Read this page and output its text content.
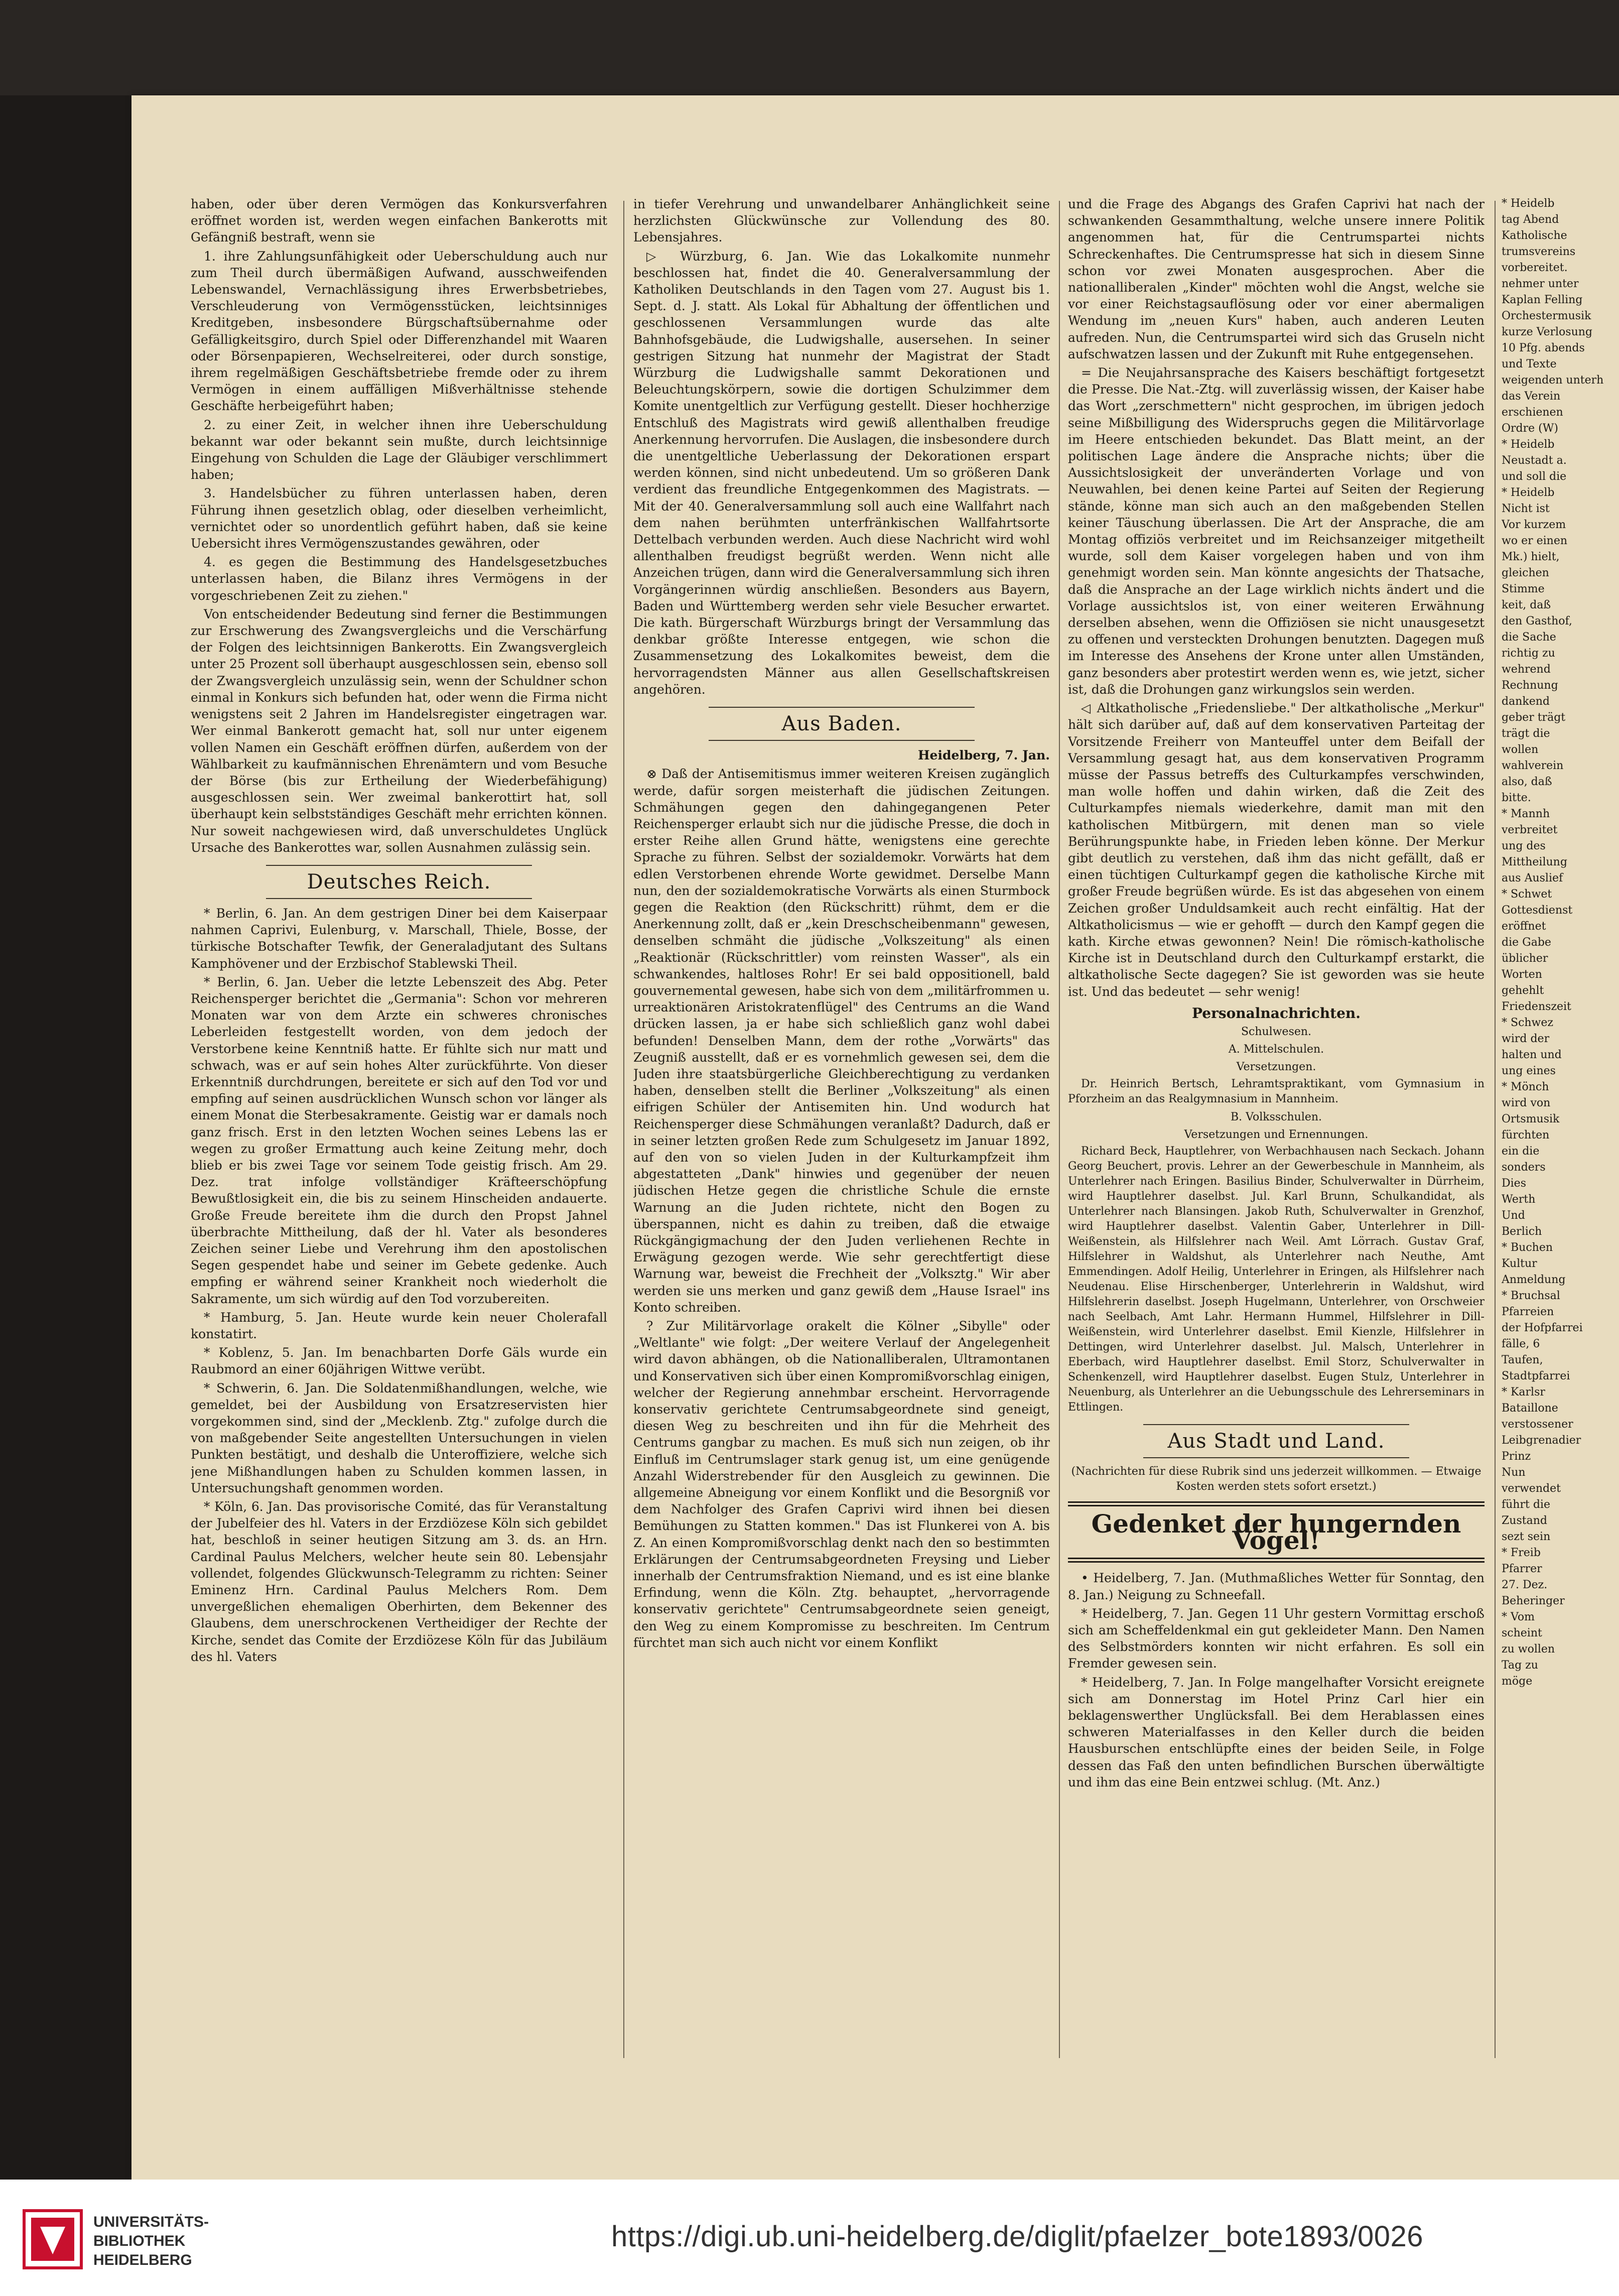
haben, oder über deren Vermögen das Konkursverfahren eröffnet worden ist, werden wegen einfachen Bankerotts mit Gefängniß bestraft, wenn sie

1. ihre Zahlungsunfähigkeit oder Ueberschuldung auch nur zum Theil durch übermäßigen Aufwand, ausschweifenden Lebenswandel, Vernachlässigung ihres Erwerbsbetriebes, Verschleuderung von Vermögensstücken, leichtsinniges Kreditgeben, insbesondere Bürgschaftsübernahme oder Gefälligkeitsgiro, durch Spiel oder Differenzhandel mit Waaren oder Börsenpapieren, Wechselreiterei, oder durch sonstige, ihrem regelmäßigen Geschäftsbetriebe fremde oder zu ihrem Vermögen in einem auffälligen Mißverhältnisse stehende Geschäfte herbeigeführt haben;

2. zu einer Zeit, in welcher ihnen ihre Ueberschuldung bekannt war oder bekannt sein mußte, durch leichtsinnige Eingehung von Schulden die Lage der Gläubiger verschlimmert haben;

3. Handelsbücher zu führen unterlassen haben, deren Führung ihnen gesetzlich oblag, oder dieselben verheimlicht, vernichtet oder so unordentlich geführt haben, daß sie keine Uebersicht ihres Vermögenszustandes gewähren, oder

4. es gegen die Bestimmung des Handelsgesetzbuches unterlassen haben, die Bilanz ihres Vermögens in der vorgeschriebenen Zeit zu ziehen."

Von entscheidender Bedeutung sind ferner die Bestimmungen zur Erschwerung des Zwangsvergleichs und die Verschärfung der Folgen des leichtsinnigen Bankerotts. Ein Zwangsvergleich unter 25 Prozent soll überhaupt ausgeschlossen sein, ebenso soll der Zwangsvergleich unzulässig sein, wenn der Schuldner schon einmal in Konkurs sich befunden hat, oder wenn die Firma nicht wenigstens seit 2 Jahren im Handelsregister eingetragen war. Wer einmal Bankerott gemacht hat, soll nur unter eigenem vollen Namen ein Geschäft eröffnen dürfen, außerdem von der Wählbarkeit zu kaufmännischen Ehrenämtern und vom Besuche der Börse (bis zur Ertheilung der Wiederbefähigung) ausgeschlossen sein. Wer zweimal bankerottirt hat, soll überhaupt kein selbstständiges Geschäft mehr errichten können. Nur soweit nachgewiesen wird, daß unverschuldetes Unglück Ursache des Bankerottes war, sollen Ausnahmen zulässig sein.

Deutsches Reich.

* Berlin, 6. Jan. An dem gestrigen Diner bei dem Kaiserpaar nahmen Caprivi, Eulenburg, v. Marschall, Thiele, Bosse, der türkische Botschafter Tewfik, der Generaladjutant des Sultans Kamphövener und der Erzbischof Stablewski Theil.

* Berlin, 6. Jan. Ueber die letzte Lebenszeit des Abg. Peter Reichensperger berichtet die „Germania": Schon vor mehreren Monaten war von dem Arzte ein schweres chronisches Leberleiden festgestellt worden, von dem jedoch der Verstorbene keine Kenntniß hatte. Er fühlte sich nur matt und schwach, was er auf sein hohes Alter zurückführte. Von dieser Erkenntniß durchdrungen, bereitete er sich auf den Tod vor und empfing auf seinen ausdrücklichen Wunsch schon vor länger als einem Monat die Sterbesakramente. Geistig war er damals noch ganz frisch. Erst in den letzten Wochen seines Lebens las er wegen zu großer Ermattung auch keine Zeitung mehr, doch blieb er bis zwei Tage vor seinem Tode geistig frisch. Am 29. Dez. trat infolge vollständiger Kräfteerschöpfung Bewußtlosigkeit ein, die bis zu seinem Hinscheiden andauerte. Große Freude bereitete ihm die durch den Propst Jahnel überbrachte Mittheilung, daß der hl. Vater als besonderes Zeichen seiner Liebe und Verehrung ihm den apostolischen Segen gespendet habe und seiner im Gebete gedenke. Auch empfing er während seiner Krankheit noch wiederholt die Sakramente, um sich würdig auf den Tod vorzubereiten.

* Hamburg, 5. Jan. Heute wurde kein neuer Cholerafall konstatirt.

* Koblenz, 5. Jan. Im benachbarten Dorfe Gäls wurde ein Raubmord an einer 60jährigen Wittwe verübt.

* Schwerin, 6. Jan. Die Soldatenmißhandlungen, welche, wie gemeldet, bei der Ausbildung von Ersatzreservisten hier vorgekommen sind, sind der „Mecklenb. Ztg." zufolge durch die von maßgebender Seite angestellten Untersuchungen in vielen Punkten bestätigt, und deshalb die Unteroffiziere, welche sich jene Mißhandlungen haben zu Schulden kommen lassen, in Untersuchungshaft genommen worden.

* Köln, 6. Jan. Das provisorische Comité, das für Veranstaltung der Jubelfeier des hl. Vaters in der Erzdiözese Köln sich gebildet hat, beschloß in seiner heutigen Sitzung am 3. ds. an Hrn. Cardinal Paulus Melchers, welcher heute sein 80. Lebensjahr vollendet, folgendes Glückwunsch-Telegramm zu richten: Seiner Eminenz Hrn. Cardinal Paulus Melchers Rom. Dem unvergeßlichen ehemaligen Oberhirten, dem Bekenner des Glaubens, dem unerschrockenen Vertheidiger der Rechte der Kirche, sendet das Comite der Erzdiözese Köln für das Jubiläum des hl. Vaters

in tiefer Verehrung und unwandelbarer Anhänglichkeit seine herzlichsten Glückwünsche zur Vollendung des 80. Lebensjahres.

▷ Würzburg, 6. Jan. Wie das Lokalkomite nunmehr beschlossen hat, findet die 40. Generalversammlung der Katholiken Deutschlands in den Tagen vom 27. August bis 1. Sept. d. J. statt. Als Lokal für Abhaltung der öffentlichen und geschlossenen Versammlungen wurde das alte Bahnhofsgebäude, die Ludwigshalle, ausersehen. In seiner gestrigen Sitzung hat nunmehr der Magistrat der Stadt Würzburg die Ludwigshalle sammt Dekorationen und Beleuchtungskörpern, sowie die dortigen Schulzimmer dem Komite unentgeltlich zur Verfügung gestellt. Dieser hochherzige Entschluß des Magistrats wird gewiß allenthalben freudige Anerkennung hervorrufen. Die Auslagen, die insbesondere durch die unentgeltliche Ueberlassung der Dekorationen erspart werden können, sind nicht unbedeutend. Um so größeren Dank verdient das freundliche Entgegenkommen des Magistrats. — Mit der 40. Generalversammlung soll auch eine Wallfahrt nach dem nahen berühmten unterfränkischen Wallfahrtsorte Dettelbach verbunden werden. Auch diese Nachricht wird wohl allenthalben freudigst begrüßt werden. Wenn nicht alle Anzeichen trügen, dann wird die Generalversammlung sich ihren Vorgängerinnen würdig anschließen. Besonders aus Bayern, Baden und Württemberg werden sehr viele Besucher erwartet. Die kath. Bürgerschaft Würzburgs bringt der Versammlung das denkbar größte Interesse entgegen, wie schon die Zusammensetzung des Lokalkomites beweist, dem die hervorragendsten Männer aus allen Gesellschaftskreisen angehören.

Aus Baden.

Heidelberg, 7. Jan.

⊗ Daß der Antisemitismus immer weiteren Kreisen zugänglich werde, dafür sorgen meisterhaft die jüdischen Zeitungen. Schmähungen gegen den dahingegangenen Peter Reichensperger erlaubt sich nur die jüdische Presse, die doch in erster Reihe allen Grund hätte, wenigstens eine gerechte Sprache zu führen. Selbst der sozialdemokr. Vorwärts hat dem edlen Verstorbenen ehrende Worte gewidmet. Derselbe Mann nun, den der sozialdemokratische Vorwärts als einen Sturmbock gegen die Reaktion (den Rückschritt) rühmt, dem er die Anerkennung zollt, daß er „kein Dreschscheibenmann" gewesen, denselben schmäht die jüdische „Volkszeitung" als einen „Reaktionär (Rückschrittler) vom reinsten Wasser", als ein schwankendes, haltloses Rohr! Er sei bald oppositionell, bald gouvernemental gewesen, habe sich von dem „militärfrommen u. urreaktionären Aristokratenflügel" des Centrums an die Wand drücken lassen, ja er habe sich schließlich ganz wohl dabei befunden! Denselben Mann, dem der rothe „Vorwärts" das Zeugniß ausstellt, daß er es vornehmlich gewesen sei, dem die Juden ihre staatsbürgerliche Gleichberechtigung zu verdanken haben, denselben stellt die Berliner „Volkszeitung" als einen eifrigen Schüler der Antisemiten hin. Und wodurch hat Reichensperger diese Schmähungen veranlaßt? Dadurch, daß er in seiner letzten großen Rede zum Schulgesetz im Januar 1892, auf den von so vielen Juden in der Kulturkampfzeit ihm abgestatteten „Dank" hinwies und gegenüber der neuen jüdischen Hetze gegen die christliche Schule die ernste Warnung an die Juden richtete, nicht den Bogen zu überspannen, nicht es dahin zu treiben, daß die etwaige Rückgängigmachung der den Juden verliehenen Rechte in Erwägung gezogen werde. Wie sehr gerechtfertigt diese Warnung war, beweist die Frechheit der „Volksztg." Wir aber werden sie uns merken und ganz gewiß dem „Hause Israel" ins Konto schreiben.

? Zur Militärvorlage orakelt die Kölner „Sibylle" oder „Weltlante" wie folgt: „Der weitere Verlauf der Angelegenheit wird davon abhängen, ob die Nationalliberalen, Ultramontanen und Konservativen sich über einen Kompromißvorschlag einigen, welcher der Regierung annehmbar erscheint. Hervorragende konservativ gerichtete Centrumsabgeordnete sind geneigt, diesen Weg zu beschreiten und ihn für die Mehrheit des Centrums gangbar zu machen. Es muß sich nun zeigen, ob ihr Einfluß im Centrumslager stark genug ist, um eine genügende Anzahl Widerstrebender für den Ausgleich zu gewinnen. Die allgemeine Abneigung vor einem Konflikt und die Besorgniß vor dem Nachfolger des Grafen Caprivi wird ihnen bei diesen Bemühungen zu Statten kommen." Das ist Flunkerei von A. bis Z. An einen Kompromißvorschlag denkt nach den so bestimmten Erklärungen der Centrumsabgeordneten Freysing und Lieber innerhalb der Centrumsfraktion Niemand, und es ist eine blanke Erfindung, wenn die Köln. Ztg. behauptet, „hervorragende konservativ gerichtete" Centrumsabgeordnete seien geneigt, den Weg zu einem Kompromisse zu beschreiten. Im Centrum fürchtet man sich auch nicht vor einem Konflikt

und die Frage des Abgangs des Grafen Caprivi hat nach der schwankenden Gesammthaltung, welche unsere innere Politik angenommen hat, für die Centrumspartei nichts Schreckenhaftes. Die Centrumspresse hat sich in diesem Sinne schon vor zwei Monaten ausgesprochen. Aber die nationalliberalen „Kinder" möchten wohl die Angst, welche sie vor einer Reichstagsauflösung oder vor einer abermaligen Wendung im „neuen Kurs" haben, auch anderen Leuten aufreden. Nun, die Centrumspartei wird sich das Gruseln nicht aufschwatzen lassen und der Zukunft mit Ruhe entgegensehen.

= Die Neujahrsansprache des Kaisers beschäftigt fortgesetzt die Presse. Die Nat.-Ztg. will zuverlässig wissen, der Kaiser habe das Wort „zerschmettern" nicht gesprochen, im übrigen jedoch seine Mißbilligung des Widerspruchs gegen die Militärvorlage im Heere entschieden bekundet. Das Blatt meint, an der politischen Lage ändere die Ansprache nichts; über die Aussichtslosigkeit der unveränderten Vorlage und von Neuwahlen, bei denen keine Partei auf Seiten der Regierung stände, könne man sich auch an den maßgebenden Stellen keiner Täuschung überlassen. Die Art der Ansprache, die am Montag offiziös verbreitet und im Reichsanzeiger mitgetheilt wurde, soll dem Kaiser vorgelegen haben und von ihm genehmigt worden sein. Man könnte angesichts der Thatsache, daß die Ansprache an der Lage wirklich nichts ändert und die Vorlage aussichtslos ist, von einer weiteren Erwähnung derselben absehen, wenn die Offiziösen sie nicht unausgesetzt zu offenen und versteckten Drohungen benutzten. Dagegen muß im Interesse des Ansehens der Krone unter allen Umständen, ganz besonders aber protestirt werden wenn es, wie jetzt, sicher ist, daß die Drohungen ganz wirkungslos sein werden.

◁ Altkatholische „Friedensliebe." Der altkatholische „Merkur" hält sich darüber auf, daß auf dem konservativen Parteitag der Vorsitzende Freiherr von Manteuffel unter dem Beifall der Versammlung gesagt hat, aus dem konservativen Programm müsse der Passus betreffs des Culturkampfes verschwinden, man wolle hoffen und dahin wirken, daß die Zeit des Culturkampfes niemals wiederkehre, damit man mit den katholischen Mitbürgern, mit denen man so viele Berührungspunkte habe, in Frieden leben könne. Der Merkur gibt deutlich zu verstehen, daß ihm das nicht gefällt, daß er einen tüchtigen Culturkampf gegen die katholische Kirche mit großer Freude begrüßen würde. Es ist das abgesehen von einem Zeichen großer Unduldsamkeit auch recht einfältig. Hat der Altkatholicismus — wie er gehofft — durch den Kampf gegen die kath. Kirche etwas gewonnen? Nein! Die römisch-katholische Kirche ist in Deutschland durch den Culturkampf erstarkt, die altkatholische Secte dagegen? Sie ist geworden was sie heute ist. Und das bedeutet — sehr wenig!

Personalnachrichten.
Schulwesen.
A. Mittelschulen.
Versetzungen.

Dr. Heinrich Bertsch, Lehramtspraktikant, vom Gymnasium in Pforzheim an das Realgymnasium in Mannheim.

B. Volksschulen.
Versetzungen und Ernennungen.

Richard Beck, Hauptlehrer, von Werbachhausen nach Seckach. Johann Georg Beuchert, provis. Lehrer an der Gewerbeschule in Mannheim, als Unterlehrer nach Eringen. Basilius Binder, Schulverwalter in Dürrheim, wird Hauptlehrer daselbst. Jul. Karl Brunn, Schulkandidat, als Unterlehrer nach Blansingen. Jakob Ruth, Schulverwalter in Grenzhof, wird Hauptlehrer daselbst. Valentin Gaber, Unterlehrer in Dill-Weißenstein, als Hilfslehrer nach Weil. Amt Lörrach. Gustav Graf, Hilfslehrer in Waldshut, als Unterlehrer nach Neuthe, Amt Emmendingen. Adolf Heilig, Unterlehrer in Eringen, als Hilfslehrer nach Neudenau. Elise Hirschenberger, Unterlehrerin in Waldshut, wird Hilfslehrerin daselbst. Joseph Hugelmann, Unterlehrer, von Orschweier nach Seelbach, Amt Lahr. Hermann Hummel, Hilfslehrer in Dill-Weißenstein, wird Unterlehrer daselbst. Emil Kienzle, Hilfslehrer in Dettingen, wird Unterlehrer daselbst. Jul. Malsch, Unterlehrer in Eberbach, wird Hauptlehrer daselbst. Emil Storz, Schulverwalter in Schenkenzell, wird Hauptlehrer daselbst. Eugen Stulz, Unterlehrer in Neuenburg, als Unterlehrer an die Uebungsschule des Lehrerseminars in Ettlingen.

Aus Stadt und Land.

(Nachrichten für diese Rubrik sind uns jederzeit willkommen. — Etwaige Kosten werden stets sofort ersetzt.)

Gedenket der hungernden Vögel!

• Heidelberg, 7. Jan. (Muthmaßliches Wetter für Sonntag, den 8. Jan.) Neigung zu Schneefall.

* Heidelberg, 7. Jan. Gegen 11 Uhr gestern Vormittag erschoß sich am Scheffeldenkmal ein gut gekleideter Mann. Den Namen des Selbstmörders konnten wir nicht erfahren. Es soll ein Fremder gewesen sein.

* Heidelberg, 7. Jan. In Folge mangelhafter Vorsicht ereignete sich am Donnerstag im Hotel Prinz Carl hier ein beklagenswerther Unglücksfall. Bei dem Herablassen eines schweren Materialfasses in den Keller durch die beiden Hausburschen entschlüpfte eines der beiden Seile, in Folge dessen das Faß den unten befindlichen Burschen überwältigte und ihm das eine Bein entzwei schlug. (Mt. Anz.)

* Heidelb
tag Abend
Katholische
trumsvereins
vorbereitet.
nehmer unter
Kaplan Felling
Orchestermusik
kurze Verlosung
10 Pfg. abends
und Texte
weigenden unterh
das Verein
erschienen
Ordre (W)
* Heidelb
Neustadt a.
und soll die
* Heidelb
Nicht ist
Vor kurzem
wo er einen
Mk.) hielt,
gleichen
Stimme
keit, daß
den Gasthof,
die Sache
richtig zu
wehrend
Rechnung
dankend
geber trägt
trägt die
wollen
wahlverein
also, daß
bitte.
* Mannh
verbreitet
ung des
Mittheilung
aus Auslief
* Schwet
Gottesdienst
eröffnet
die Gabe
üblicher
Worten
gehehlt
Friedenszeit
* Schwez
wird der
halten und
ung eines
* Mönch
wird von
Ortsmusik
fürchten
ein die
sonders
Dies
Werth
Und
Berlich
* Buchen
Kultur
Anmeldung
* Bruchsal
Pfarreien
der Hofpfarrei
fälle, 6
Taufen,
Stadtpfarrei
* Karlsr
Bataillone
verstossener
Leibgrenadier
Prinz
Nun
verwendet
führt die
Zustand
sezt sein
* Freib
Pfarrer
27. Dez.
Beheringer
* Vom
scheint
zu wollen
Tag zu
möge
UNIVERSITÄTS-
BIBLIOTHEK
HEIDELBERG
https://digi.ub.uni-heidelberg.de/diglit/pfaelzer_bote1893/0026
